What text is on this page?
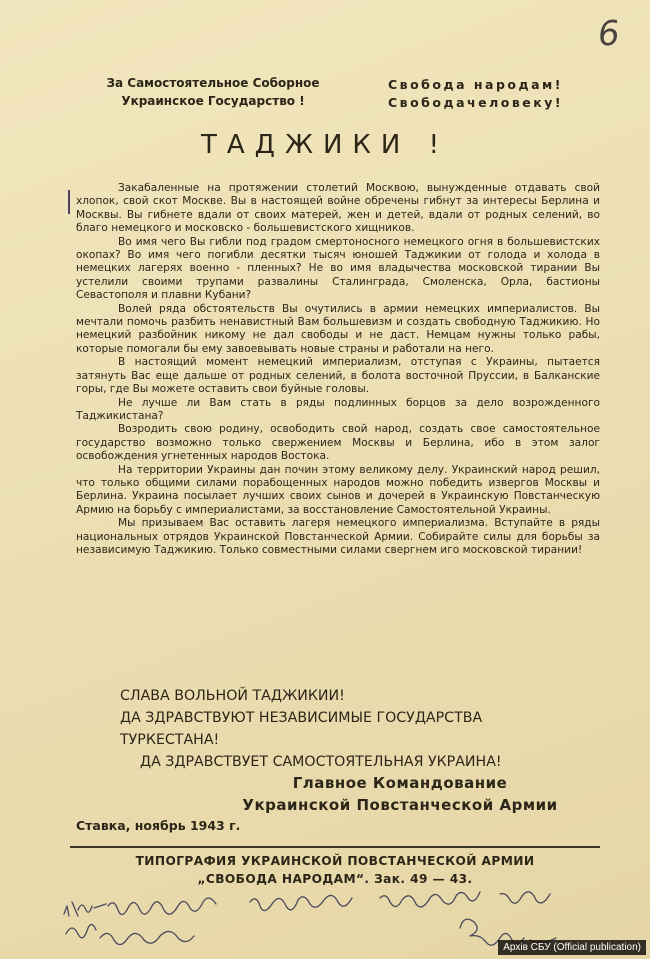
6
За Самостоятельное Соборное
Украинское Государство !
Свобода народам!
Свободачеловеку!
ТАДЖИКИ !

Закабаленные на протяжении столетий Москвою, вынужденные отдавать свой хлопок, свой скот Москве. Вы в настоящей войне обречены гибнут за интересы Берлина и Москвы. Вы гибнете вдали от своих матерей, жен и детей, вдали от родных селений, во благо немецкого и московско - большевистского хищников.

Во имя чего Вы гибли под градом смертоносного немецкого огня в большевистских окопах? Во имя чего погибли десятки тысяч юношей Таджикии от голода и холода в немецких лагерях военно - пленных? Не во имя владычества московской тирании Вы устелили своими трупами развалины Сталинграда, Смоленска, Орла, бастионы Севастополя и плавни Кубани?

Волей ряда обстоятельств Вы очутились в армии немецких империалистов. Вы мечтали помочь разбить ненавистный Вам большевизм и создать свободную Таджикию. Но немецкий разбойник никому не дал свободы и не даст. Немцам нужны только рабы, которые помогали бы ему завоевывать новые страны и работали на него.

В настоящий момент немецкий империализм, отступая с Украины, пытается затянуть Вас еще дальше от родных селений, в болота восточной Пруссии, в Балканские горы, где Вы можете оставить свои буйные головы.

Не лучше ли Вам стать в ряды подлинных борцов за дело возрожденного Таджикистана?

Возродить свою родину, освободить свой народ, создать свое самостоятельное государство возможно только свержением Москвы и Берлина, ибо в этом залог освобождения угнетенных народов Востока.

На территории Украины дан почин этому великому делу. Украинский народ решил, что только общими силами порабощенных народов можно победить извергов Москвы и Берлина. Украина посылает лучших своих сынов и дочерей в Украинскую Повстанческую Армию на борьбу с империалистами, за восстановление Самостоятельной Украины.

Мы призываем Вас оставить лагеря немецкого империализма. Вступайте в ряды национальных отрядов Украинской Повстанческой Армии. Собирайте силы для борьбы за независимую Таджикию. Только совместными силами свергнем иго московской тирании!

СЛАВА ВОЛЬНОЙ ТАДЖИКИИ!
ДА ЗДРАВСТВУЮТ НЕЗАВИСИМЫЕ ГОСУДАРСТВА
ТУРКЕСТАНА!
ДА ЗДРАВСТВУЕТ САМОСТОЯТЕЛЬНАЯ УКРАИНА!
Главное Командование
Украинской Повстанческой Армии
Ставка, ноябрь 1943 г.
ТИПОГРАФИЯ УКРАИНСКОЙ ПОВСТАНЧЕСКОЙ АРМИИ
„СВОБОДА НАРОДАМ“. Зак. 49 — 43.
Архів СБУ (Official publication)
